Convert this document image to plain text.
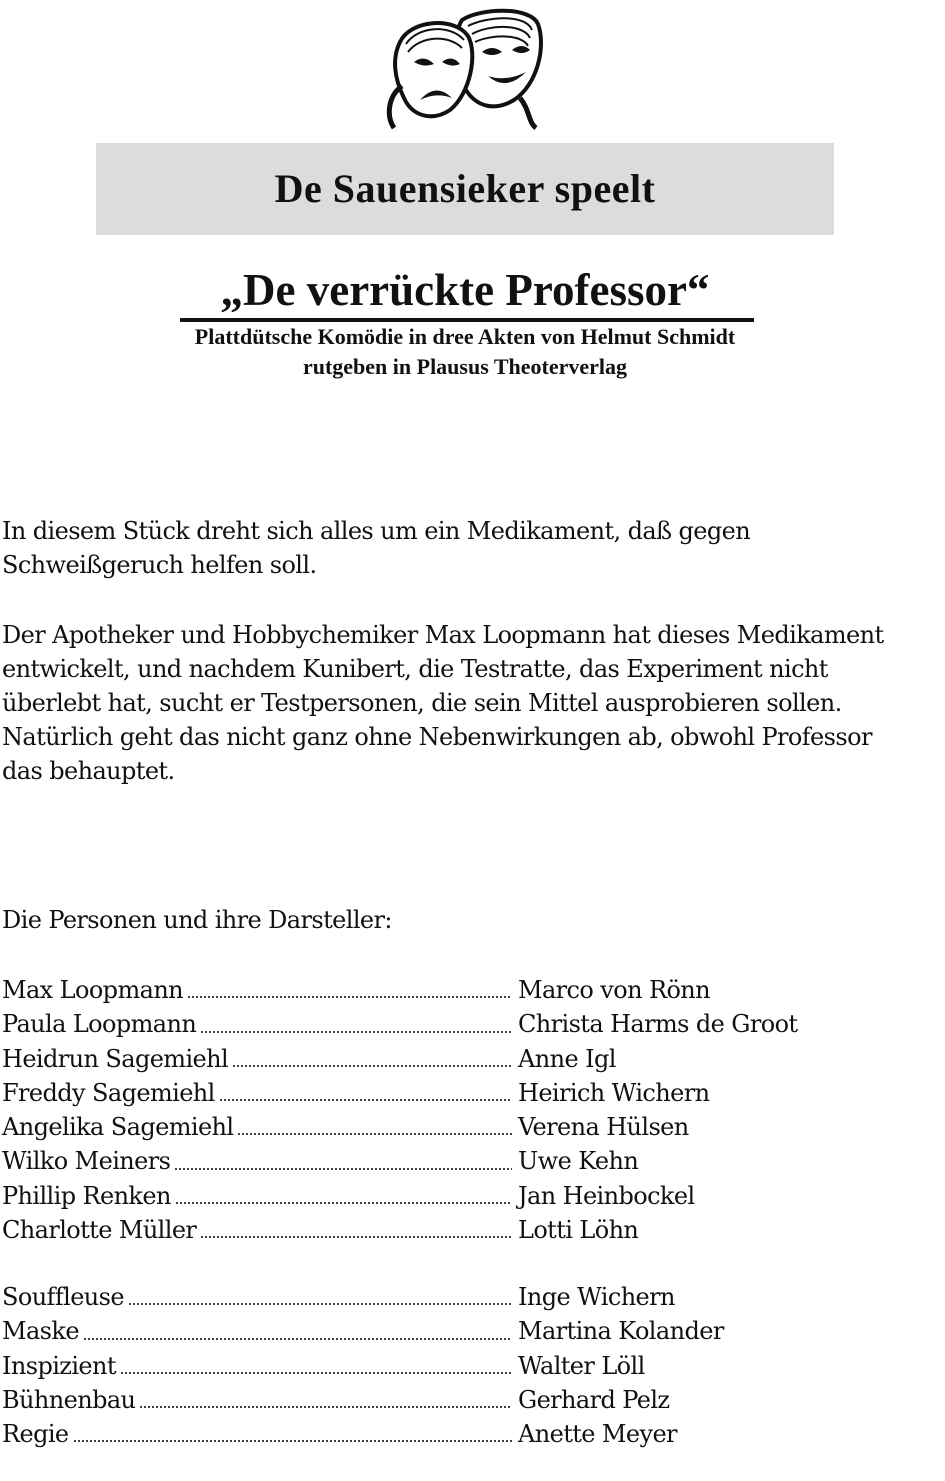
De Sauensieker speelt
„De verrückte Professor“
Plattdütsche Komödie in dree Akten von Helmut Schmidt
rutgeben in Plausus Theoterverlag
In diesem Stück dreht sich alles um ein Medikament, daß gegen
Schweißgeruch helfen soll.
Der Apotheker und Hobbychemiker Max Loopmann hat dieses Medikament
entwickelt, und nachdem Kunibert, die Testratte, das Experiment nicht
überlebt hat, sucht er Testpersonen, die sein Mittel ausprobieren sollen.
Natürlich geht das nicht ganz ohne Nebenwirkungen ab, obwohl Professor
das behauptet.
Die Personen und ihre Darsteller:
Max Loopmann	Marco von Rönn
Paula Loopmann	Christa Harms de Groot
Heidrun Sagemiehl	Anne Igl
Freddy Sagemiehl	Heirich Wichern
Angelika Sagemiehl	Verena Hülsen
Wilko Meiners	Uwe Kehn
Phillip Renken	Jan Heinbockel
Charlotte Müller	Lotti Löhn
Souffleuse	Inge Wichern
Maske	Martina Kolander
Inspizient	Walter Löll
Bühnenbau	Gerhard Pelz
Regie	Anette Meyer
